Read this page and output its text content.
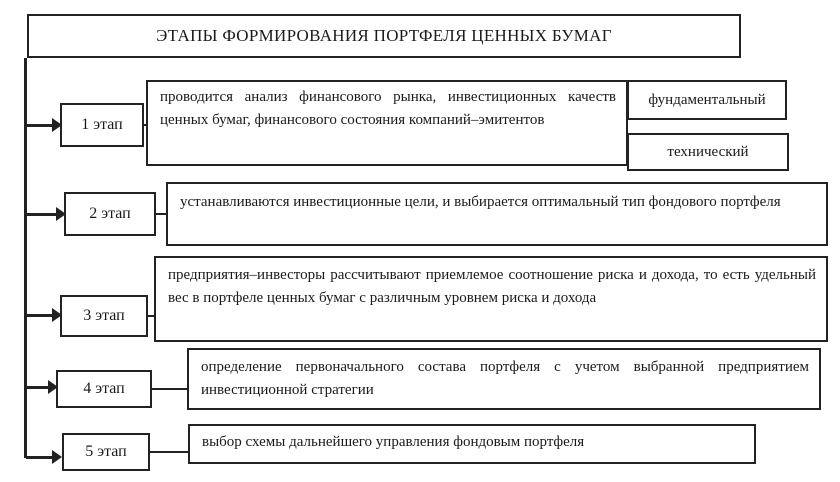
ЭТАПЫ ФОРМИРОВАНИЯ ПОРТФЕЛЯ ЦЕННЫХ БУМАГ
1 этап
проводится анализ финансового рынка, инвестиционных качеств ценных бумаг, финансового состояния компаний–эмитентов
фундаментальный
технический
2 этап
устанавливаются инвестиционные цели, и выбирается оптимальный тип фондового портфеля
3 этап
предприятия–инвесторы рассчитывают приемлемое соотношение риска и дохода, то есть удельный вес в портфеле ценных бумаг с различным уровнем риска и дохода
4 этап
определение первоначального состава портфеля с учетом выбранной предприятием инвестиционной стратегии
5 этап
выбор схемы дальнейшего управления фондовым портфеля
